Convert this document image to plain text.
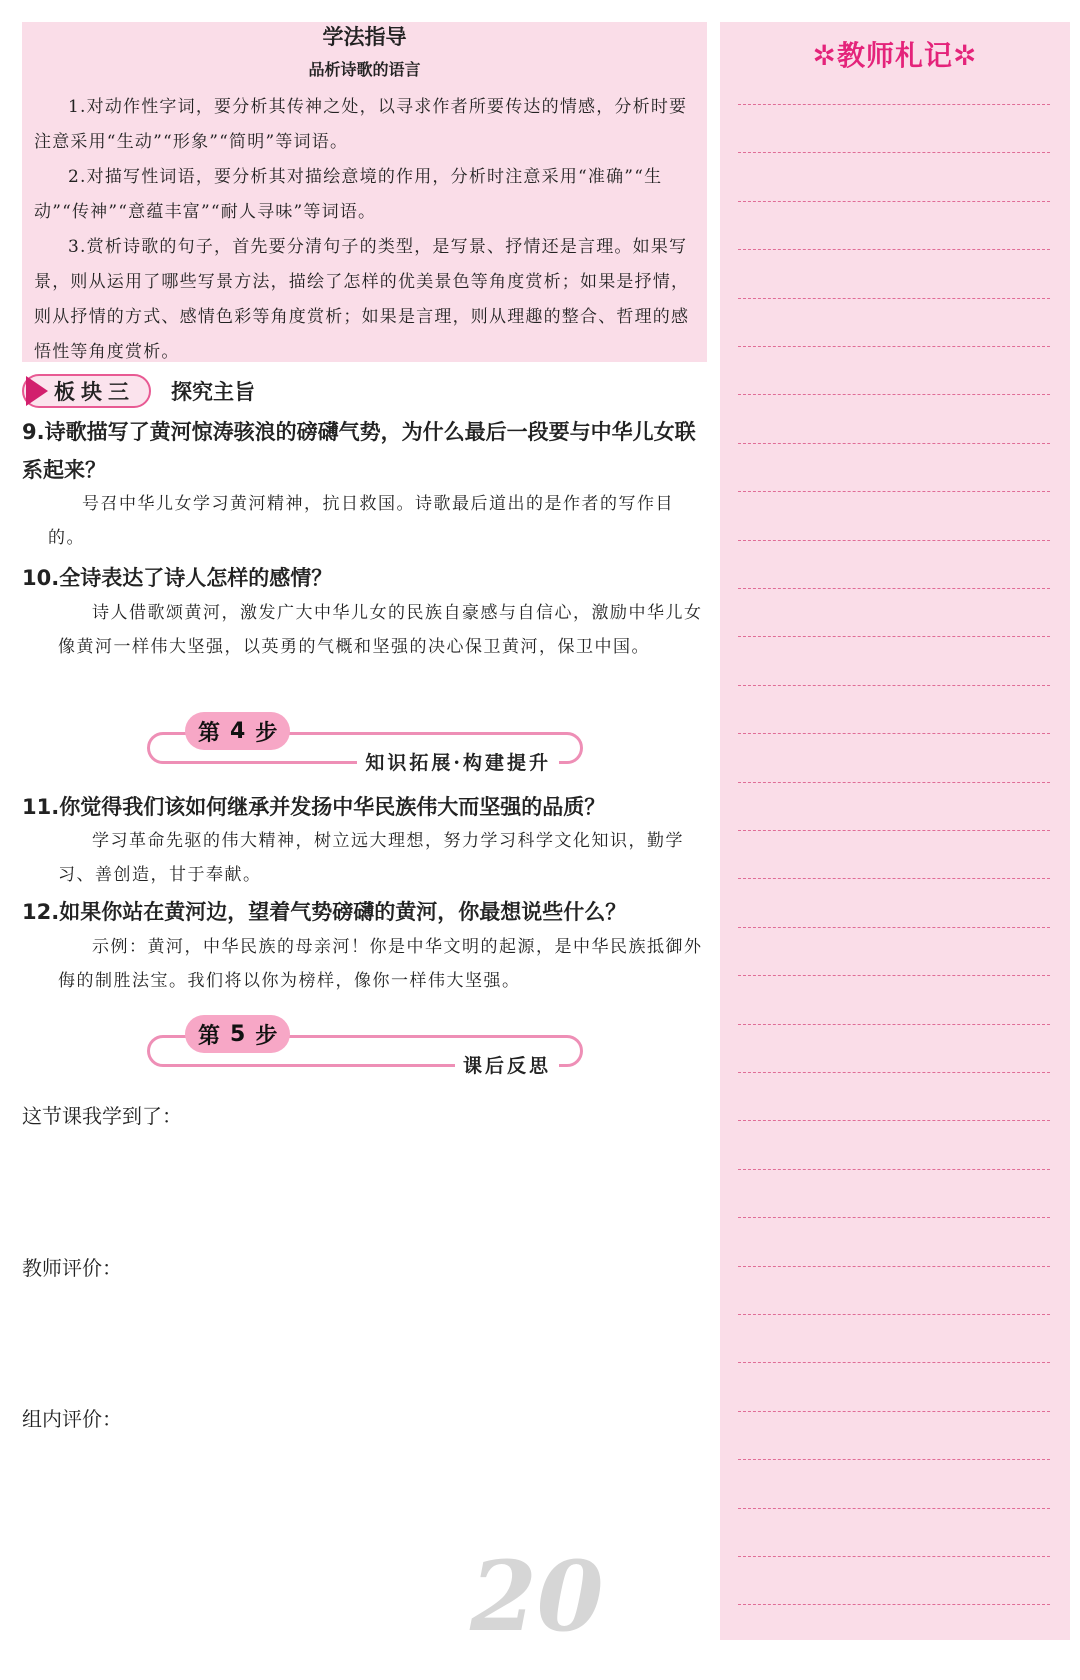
学法指导
品析诗歌的语言

1.对动作性字词，要分析其传神之处，以寻求作者所要传达的情感，分析时要注意采用“生动”“形象”“简明”等词语。

2.对描写性词语，要分析其对描绘意境的作用，分析时注意采用“准确”“生动”“传神”“意蕴丰富”“耐人寻味”等词语。

3.赏析诗歌的句子，首先要分清句子的类型，是写景、抒情还是言理。如果写景，则从运用了哪些写景方法，描绘了怎样的优美景色等角度赏析；如果是抒情，则从抒情的方式、感情色彩等角度赏析；如果是言理，则从理趣的整合、哲理的感悟性等角度赏析。

板块三 探究主旨
9.诗歌描写了黄河惊涛骇浪的磅礴气势，为什么最后一段要与中华儿女联系起来？
号召中华儿女学习黄河精神，抗日救国。诗歌最后道出的是作者的写作目的。
10.全诗表达了诗人怎样的感情？
诗人借歌颂黄河，激发广大中华儿女的民族自豪感与自信心，激励中华儿女像黄河一样伟大坚强，以英勇的气概和坚强的决心保卫黄河，保卫中国。
第 4 步
知识拓展·构建提升
11.你觉得我们该如何继承并发扬中华民族伟大而坚强的品质？
学习革命先驱的伟大精神，树立远大理想，努力学习科学文化知识，勤学习、善创造，甘于奉献。
12.如果你站在黄河边，望着气势磅礴的黄河，你最想说些什么？
示例：黄河，中华民族的母亲河！你是中华文明的起源，是中华民族抵御外侮的制胜法宝。我们将以你为榜样，像你一样伟大坚强。
第 5 步
课后反思
这节课我学到了：
教师评价：
组内评价：
20
✲教师札记✲
